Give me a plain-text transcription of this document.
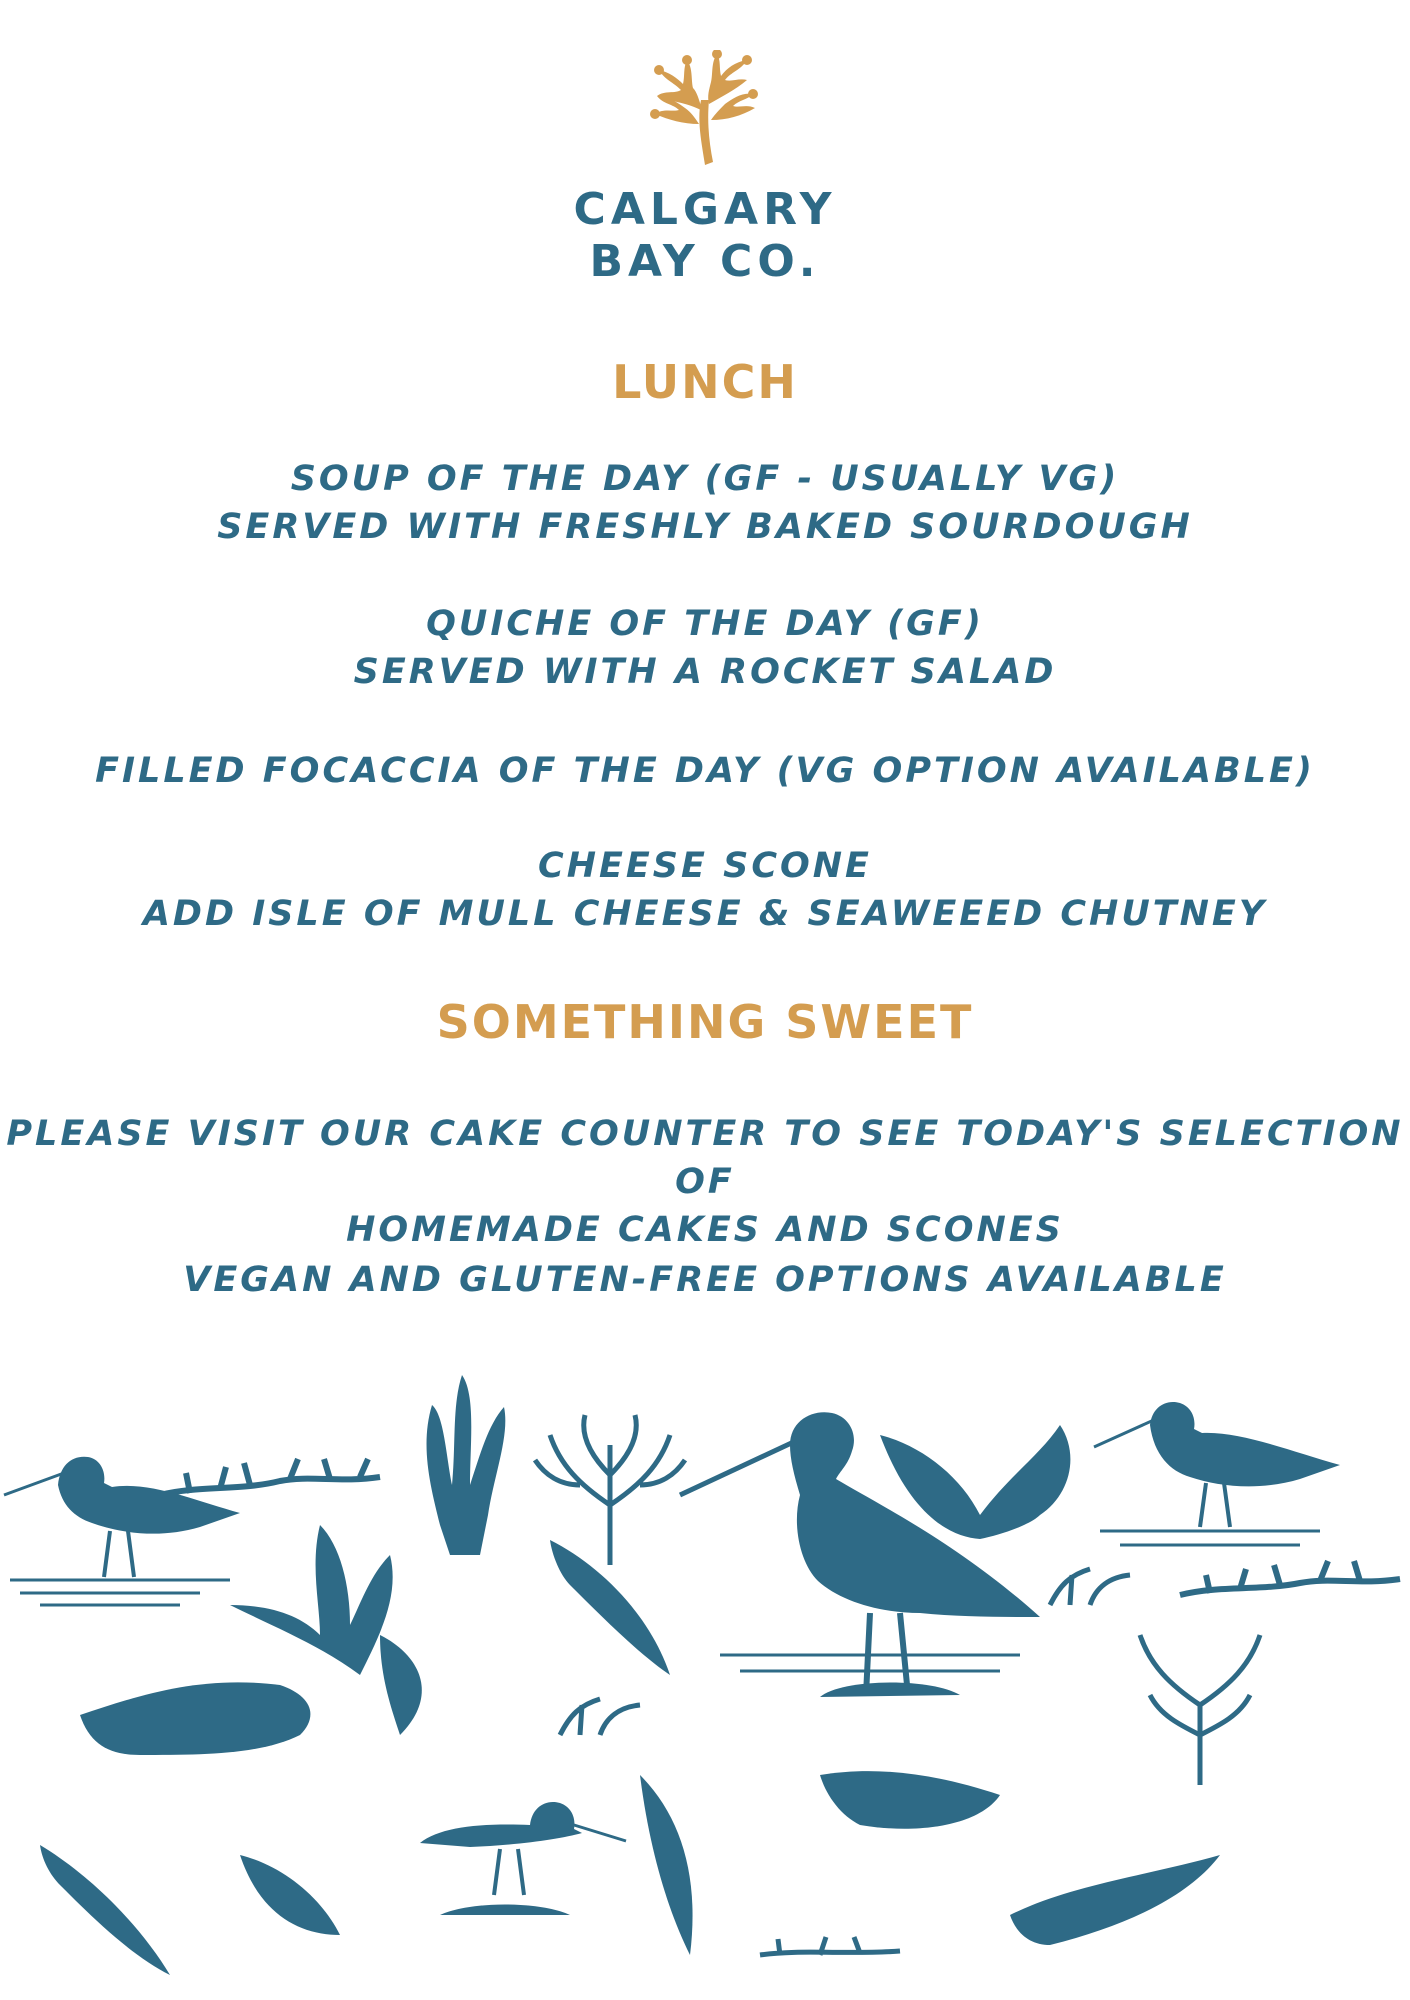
CALGARY
BAY CO.
LUNCH
SOUP OF THE DAY (GF - USUALLY VG)
SERVED WITH FRESHLY BAKED SOURDOUGH
QUICHE OF THE DAY (GF)
SERVED WITH A ROCKET SALAD
FILLED FOCACCIA OF THE DAY (VG OPTION AVAILABLE)
CHEESE SCONE
ADD ISLE OF MULL CHEESE & SEAWEEED CHUTNEY
SOMETHING SWEET
PLEASE VISIT OUR CAKE COUNTER TO SEE TODAY'S SELECTION OF
HOMEMADE CAKES AND SCONES
VEGAN AND GLUTEN-FREE OPTIONS AVAILABLE
